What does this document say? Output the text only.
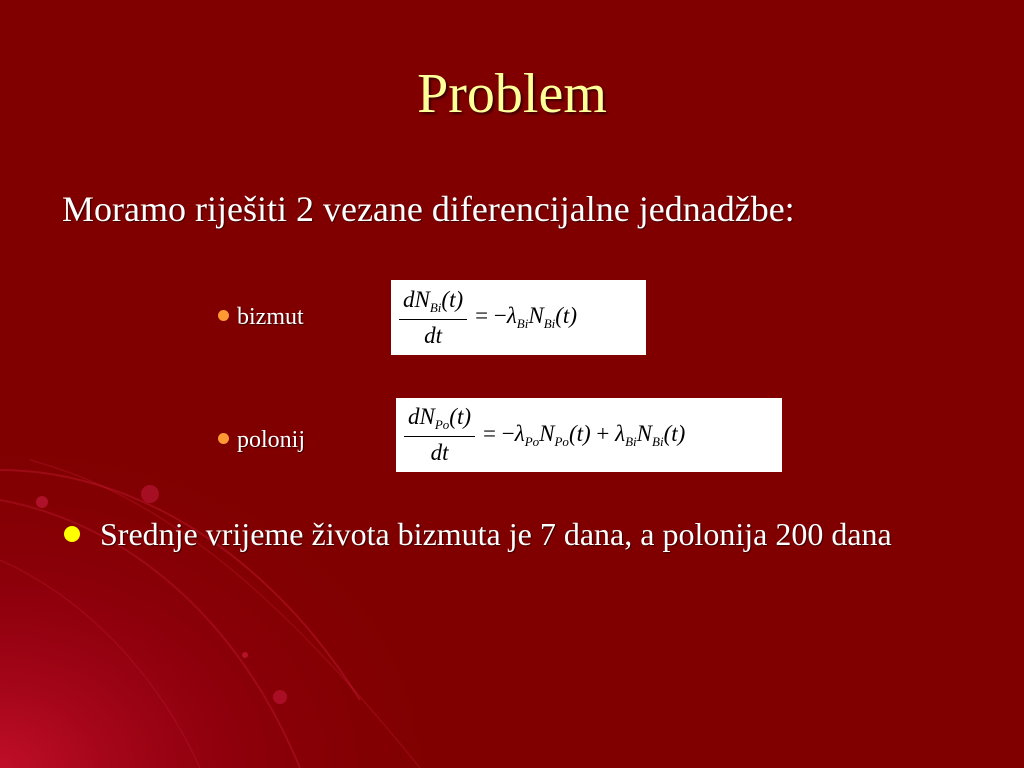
Problem
Moramo riješiti 2 vezane diferencijalne jednadžbe:
bizmut	$\frac{dN_{Bi}(t)}{dt} = -\lambda_{Bi}N_{Bi}(t)$
polonij	$\frac{dN_{Po}(t)}{dt} = -\lambda_{Po}N_{Po}(t) + \lambda_{Bi}N_{Bi}(t)$
Srednje vrijeme života bizmuta je 7 dana, a polonija 200 dana
